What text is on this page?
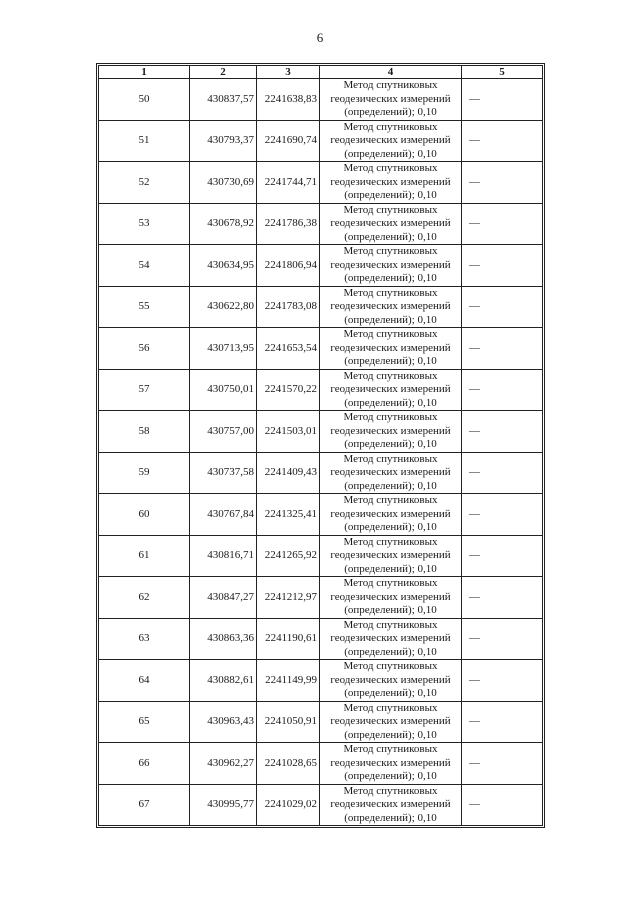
6
1	2	3	4	5
50	430837,57	2241638,83	Метод спутниковых
геодезических измерений
(определений); 0,10	—
51	430793,37	2241690,74	Метод спутниковых
геодезических измерений
(определений); 0,10	—
52	430730,69	2241744,71	Метод спутниковых
геодезических измерений
(определений); 0,10	—
53	430678,92	2241786,38	Метод спутниковых
геодезических измерений
(определений); 0,10	—
54	430634,95	2241806,94	Метод спутниковых
геодезических измерений
(определений); 0,10	—
55	430622,80	2241783,08	Метод спутниковых
геодезических измерений
(определений); 0,10	—
56	430713,95	2241653,54	Метод спутниковых
геодезических измерений
(определений); 0,10	—
57	430750,01	2241570,22	Метод спутниковых
геодезических измерений
(определений); 0,10	—
58	430757,00	2241503,01	Метод спутниковых
геодезических измерений
(определений); 0,10	—
59	430737,58	2241409,43	Метод спутниковых
геодезических измерений
(определений); 0,10	—
60	430767,84	2241325,41	Метод спутниковых
геодезических измерений
(определений); 0,10	—
61	430816,71	2241265,92	Метод спутниковых
геодезических измерений
(определений); 0,10	—
62	430847,27	2241212,97	Метод спутниковых
геодезических измерений
(определений); 0,10	—
63	430863,36	2241190,61	Метод спутниковых
геодезических измерений
(определений); 0,10	—
64	430882,61	2241149,99	Метод спутниковых
геодезических измерений
(определений); 0,10	—
65	430963,43	2241050,91	Метод спутниковых
геодезических измерений
(определений); 0,10	—
66	430962,27	2241028,65	Метод спутниковых
геодезических измерений
(определений); 0,10	—
67	430995,77	2241029,02	Метод спутниковых
геодезических измерений
(определений); 0,10	—
